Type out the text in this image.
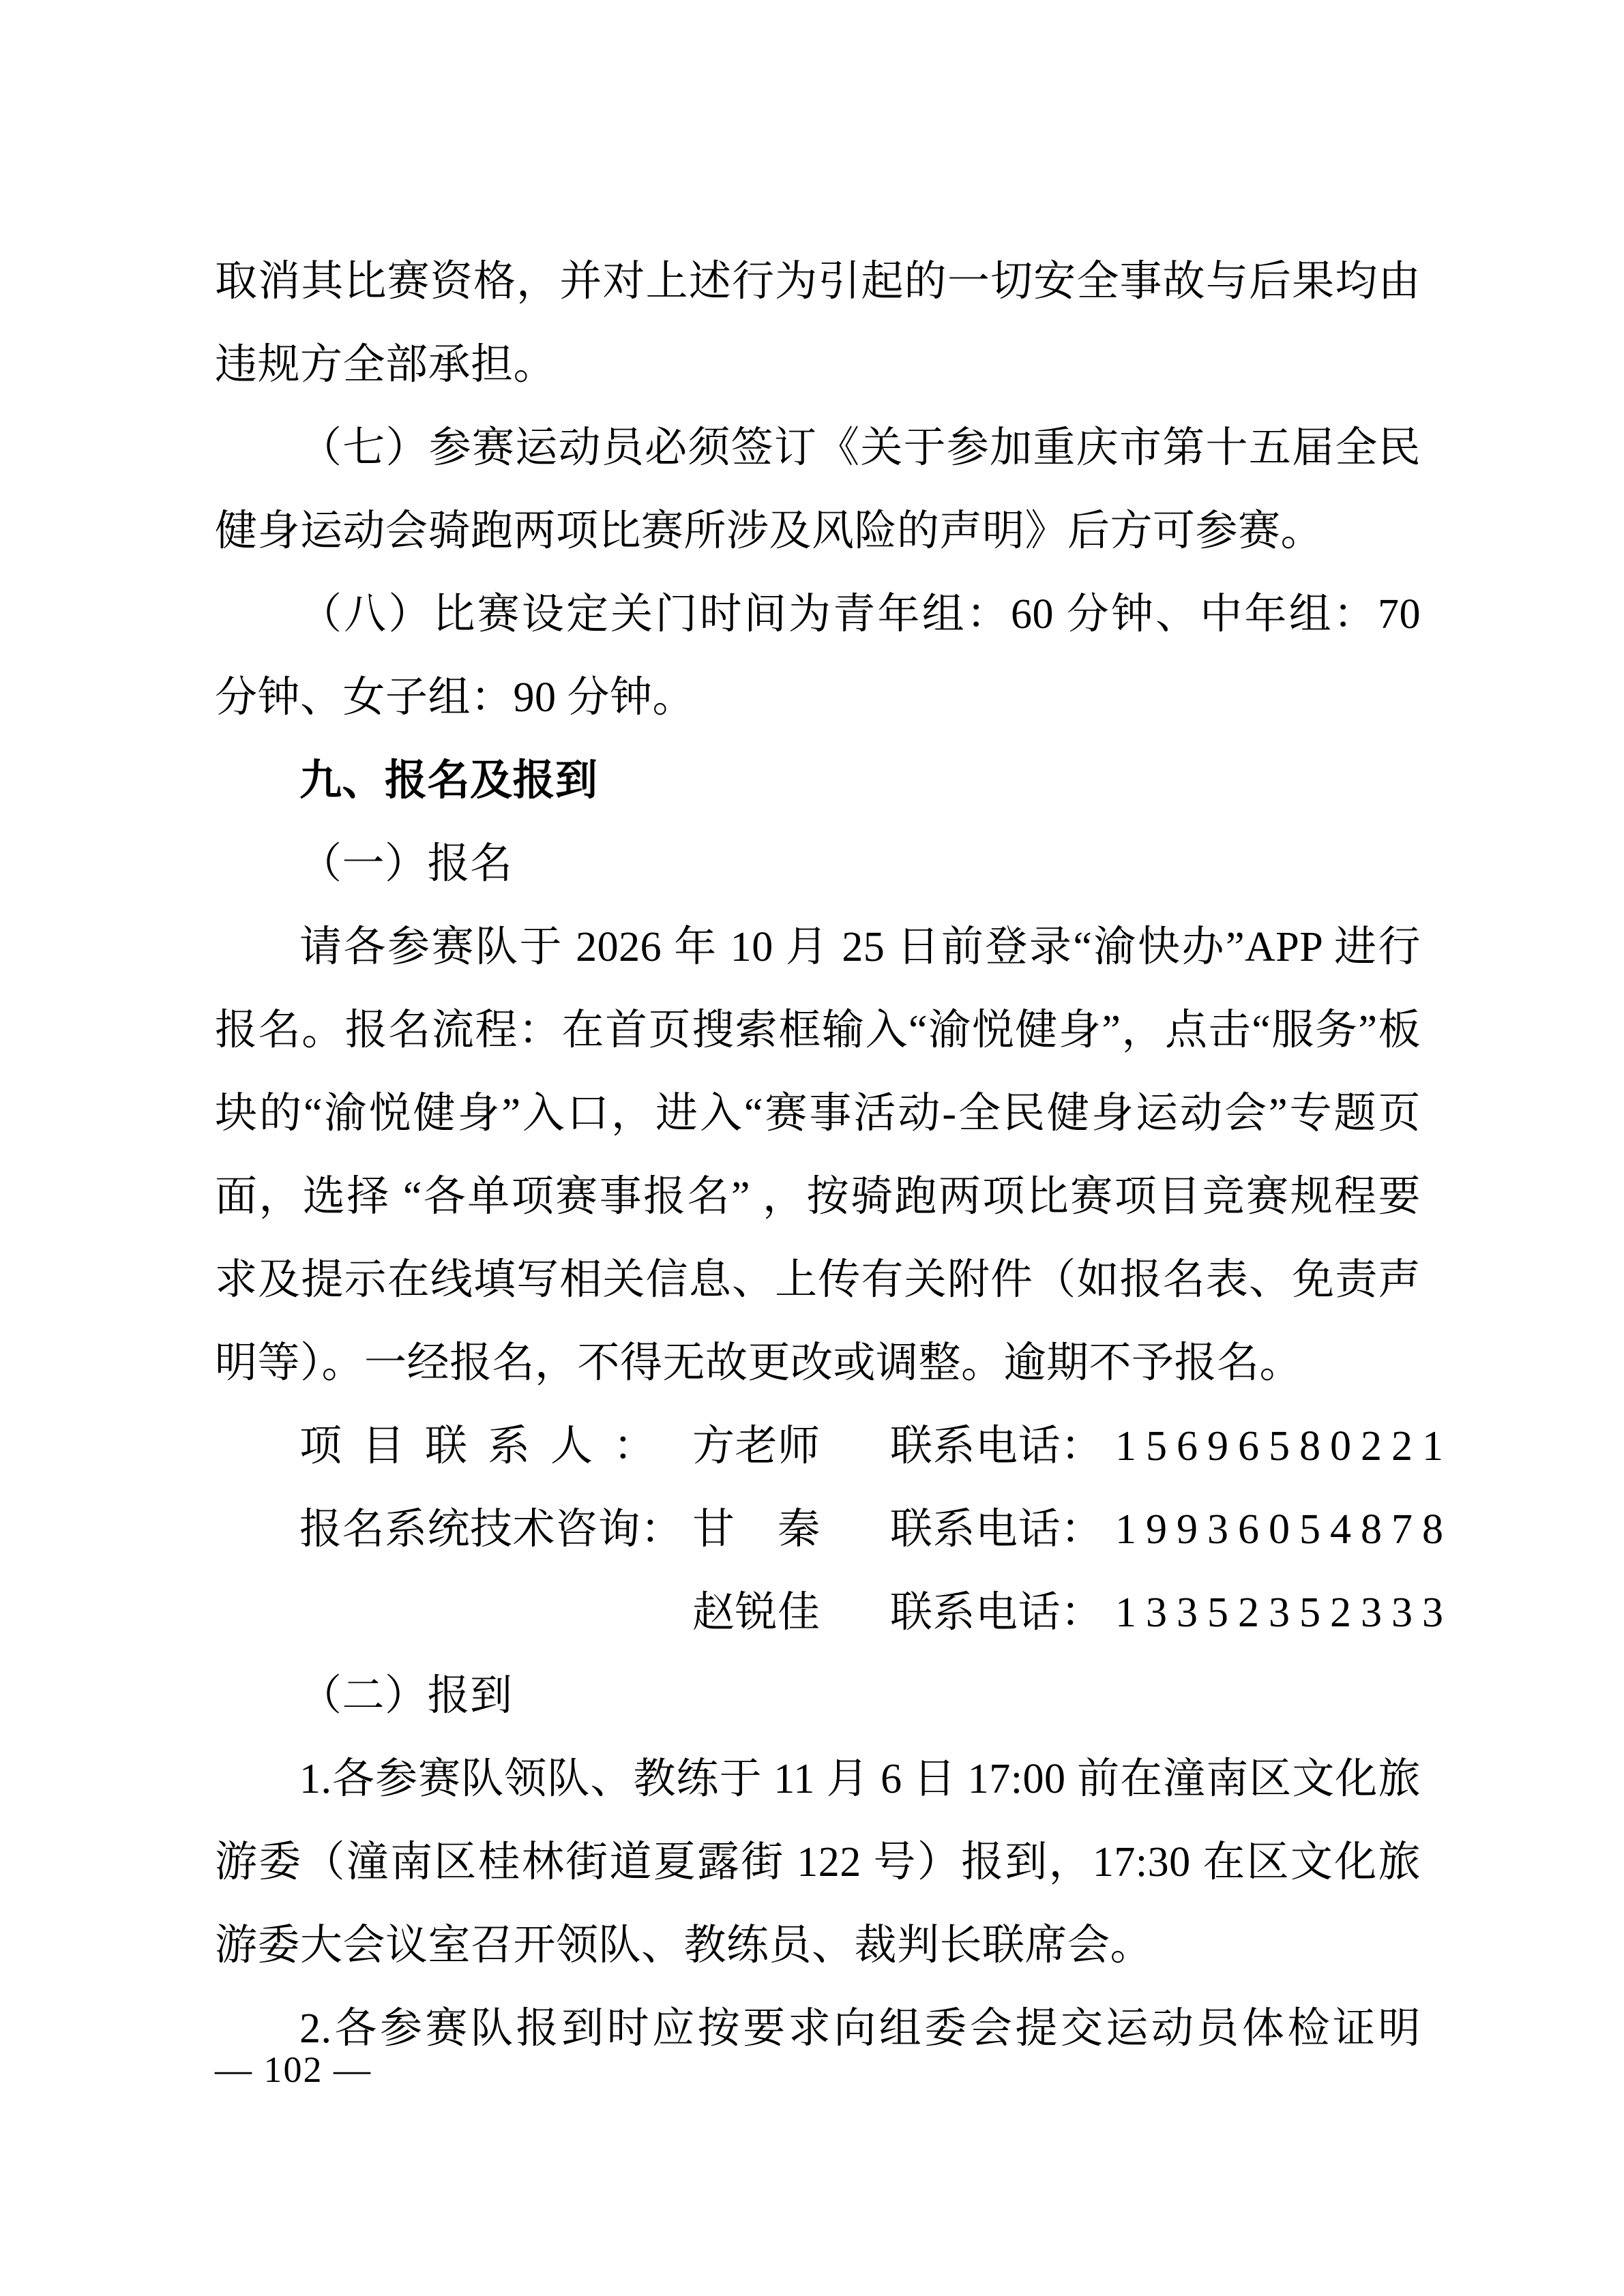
取消其比赛资格，并对上述行为引起的一切安全事故与后果均由
违规方全部承担。
（七）参赛运动员必须签订《关于参加重庆市第十五届全民
健身运动会骑跑两项比赛所涉及风险的声明》后方可参赛。
（八）比赛设定关门时间为青年组：60 分钟、中年组：70
分钟、女子组：90 分钟。
九、报名及报到
（一）报名
请各参赛队于 2026 年 10 月 25 日前登录“渝快办”APP 进行
报名。报名流程：在首页搜索框输入“渝悦健身”，点击“服务”板
块的“渝悦健身”入口，进入“赛事活动-全民健身运动会”专题页
面，选择 “各单项赛事报名” ，按骑跑两项比赛项目竞赛规程要
求及提示在线填写相关信息、上传有关附件（如报名表、免责声
明等）。一经报名，不得无故更改或调整。逾期不予报名。
项目联系人： 方老师 联系电话： 15696580221
报名系统技术咨询： 甘　秦 联系电话： 19936054878
赵锐佳 联系电话： 13352352333
（二）报到
1.各参赛队领队、教练于 11 月 6 日 17:00 前在潼南区文化旅
游委（潼南区桂林街道夏露街 122 号）报到，17:30 在区文化旅
游委大会议室召开领队、教练员、裁判长联席会。
2.各参赛队报到时应按要求向组委会提交运动员体检证明
— 102 —
